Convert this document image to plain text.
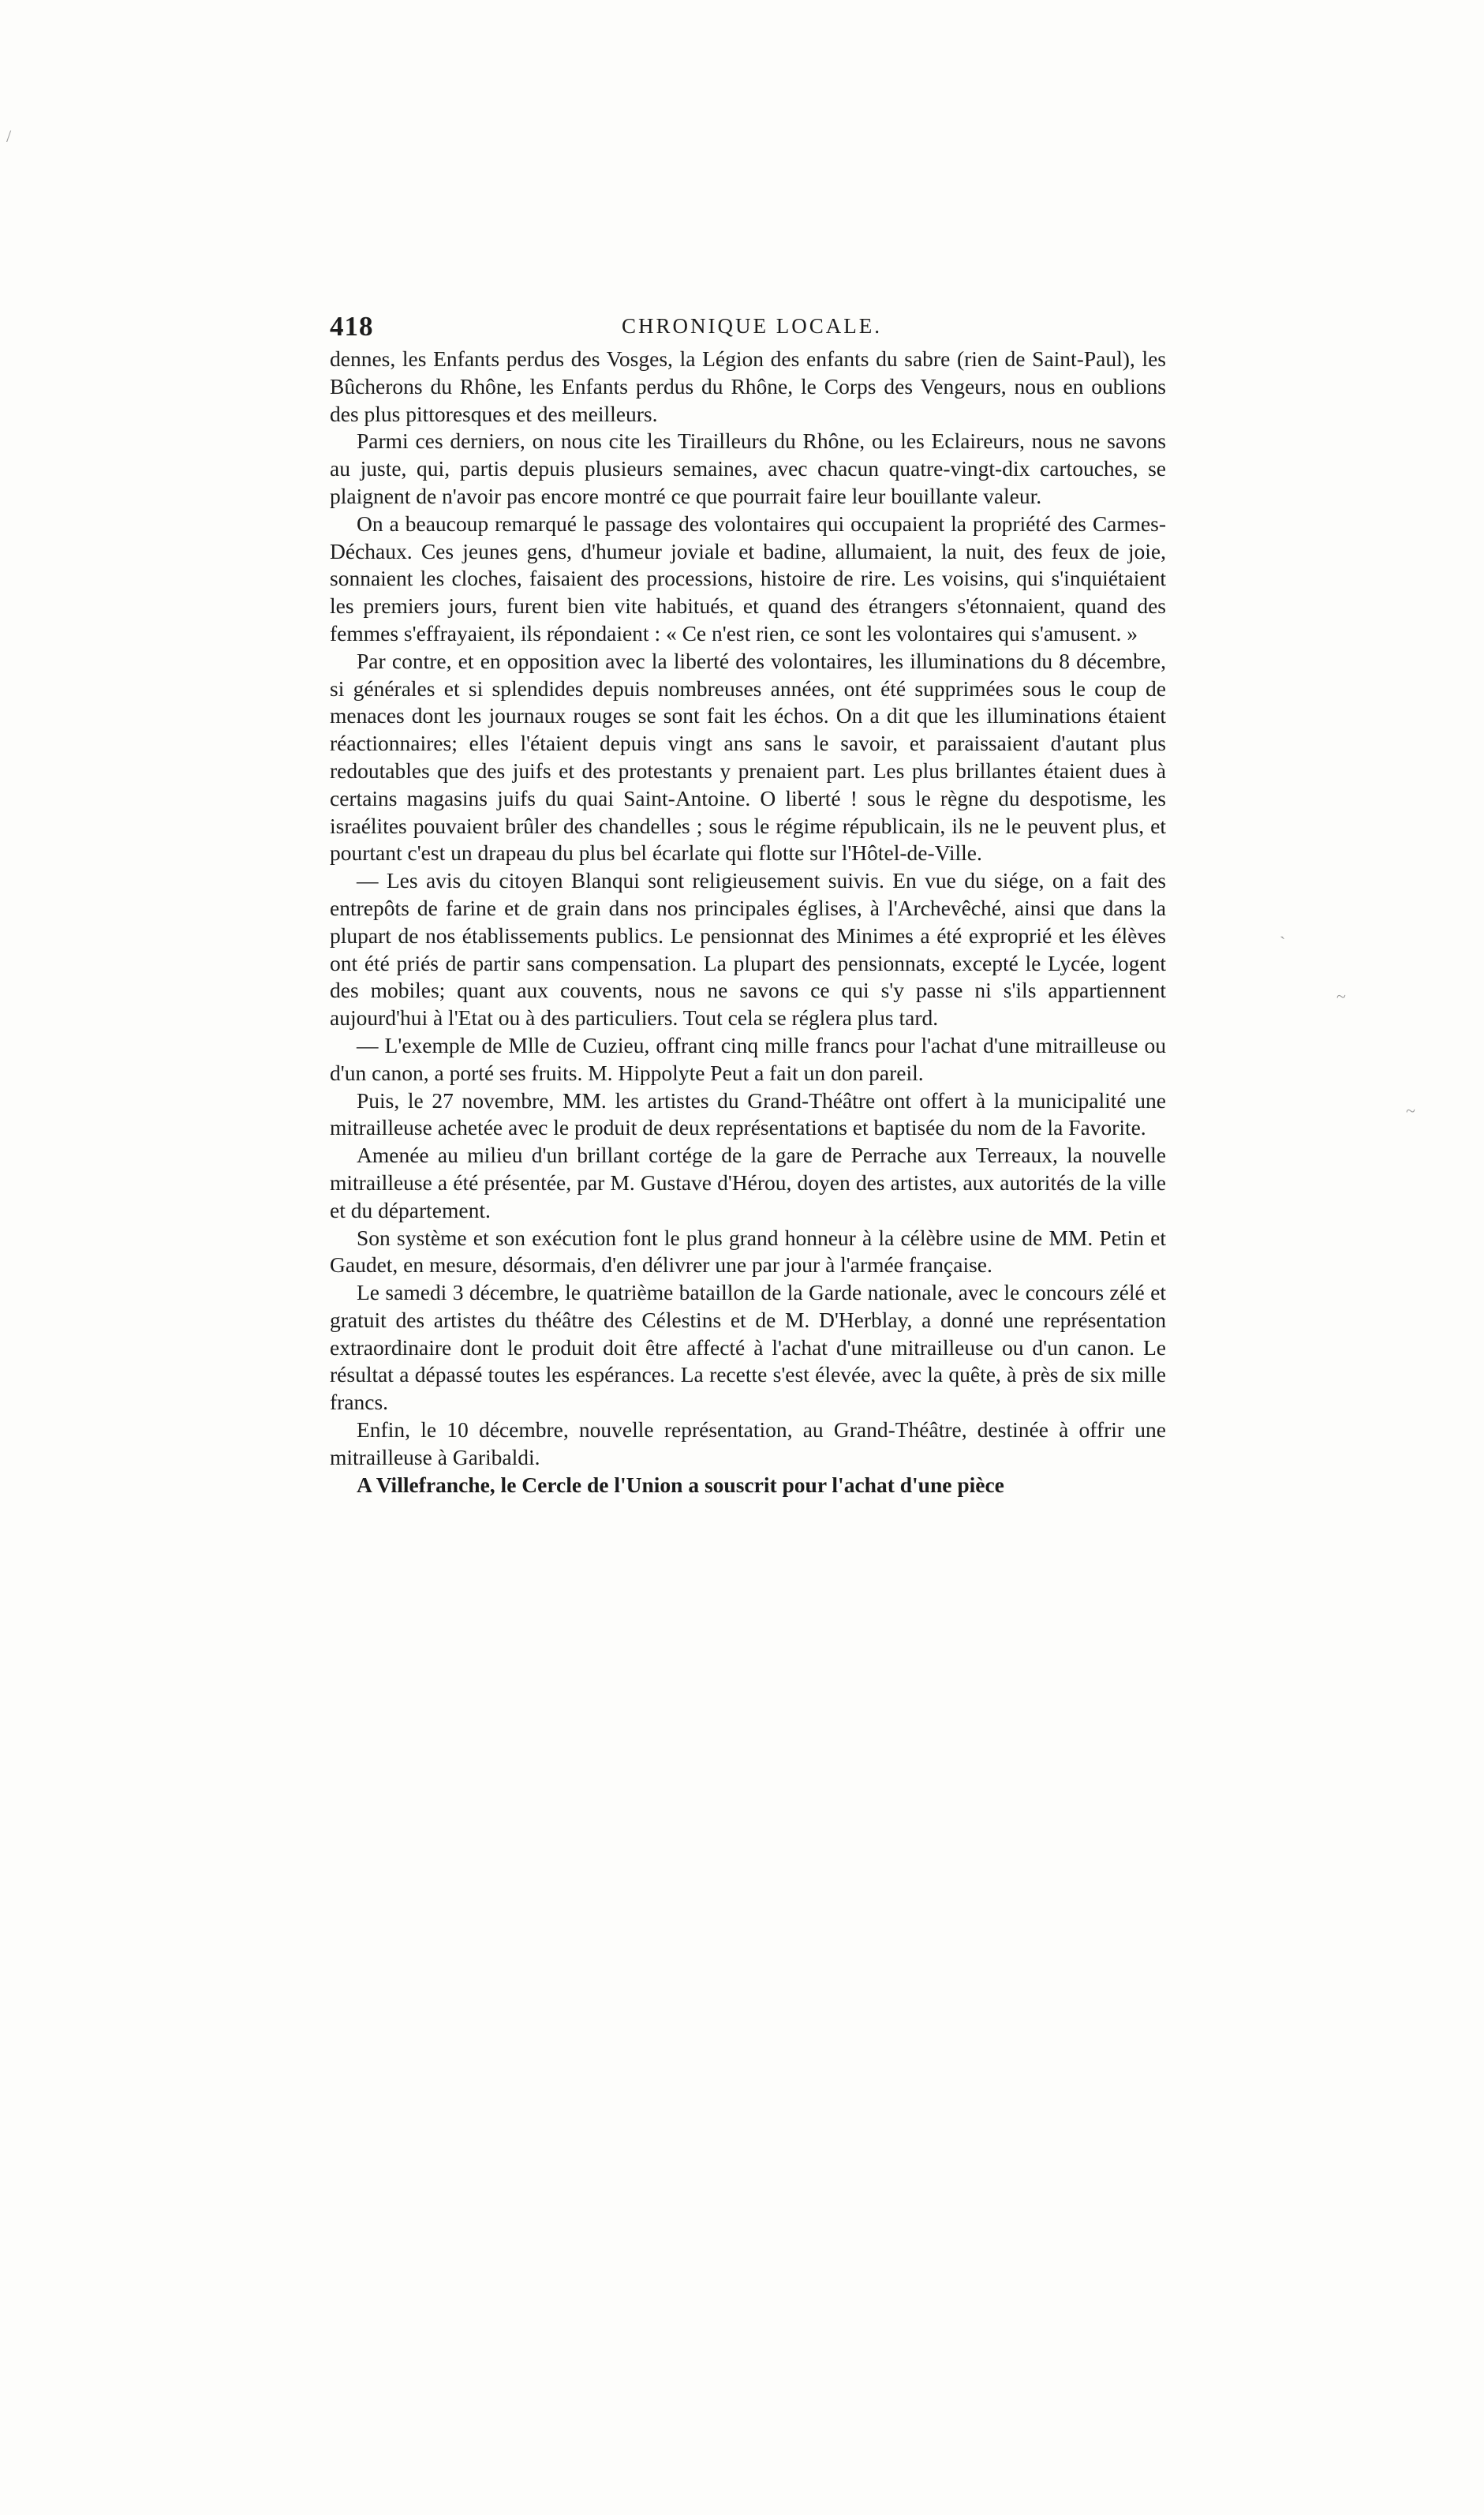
/
ˎ
~
~
418	CHRONIQUE LOCALE.

dennes, les Enfants perdus des Vosges, la Légion des enfants du sabre (rien de Saint-Paul), les Bûcherons du Rhône, les Enfants perdus du Rhône, le Corps des Vengeurs, nous en oublions des plus pittoresques et des meilleurs.

Parmi ces derniers, on nous cite les Tirailleurs du Rhône, ou les Eclaireurs, nous ne savons au juste, qui, partis depuis plusieurs semaines, avec chacun quatre-vingt-dix cartouches, se plaignent de n'avoir pas encore montré ce que pourrait faire leur bouillante valeur.

On a beaucoup remarqué le passage des volontaires qui occupaient la propriété des Carmes-Déchaux. Ces jeunes gens, d'humeur joviale et badine, allumaient, la nuit, des feux de joie, sonnaient les cloches, faisaient des processions, histoire de rire. Les voisins, qui s'inquiétaient les premiers jours, furent bien vite habitués, et quand des étrangers s'étonnaient, quand des femmes s'effrayaient, ils répondaient : « Ce n'est rien, ce sont les volontaires qui s'amusent. »

Par contre, et en opposition avec la liberté des volontaires, les illuminations du 8 décembre, si générales et si splendides depuis nombreuses années, ont été supprimées sous le coup de menaces dont les journaux rouges se sont fait les échos. On a dit que les illuminations étaient réactionnaires; elles l'étaient depuis vingt ans sans le savoir, et paraissaient d'autant plus redoutables que des juifs et des protestants y prenaient part. Les plus brillantes étaient dues à certains magasins juifs du quai Saint-Antoine. O liberté ! sous le règne du despotisme, les israélites pouvaient brûler des chandelles ; sous le régime républicain, ils ne le peuvent plus, et pourtant c'est un drapeau du plus bel écarlate qui flotte sur l'Hôtel-de-Ville.

— Les avis du citoyen Blanqui sont religieusement suivis. En vue du siége, on a fait des entrepôts de farine et de grain dans nos principales églises, à l'Archevêché, ainsi que dans la plupart de nos établissements publics. Le pensionnat des Minimes a été exproprié et les élèves ont été priés de partir sans compensation. La plupart des pensionnats, excepté le Lycée, logent des mobiles; quant aux couvents, nous ne savons ce qui s'y passe ni s'ils appartiennent aujourd'hui à l'Etat ou à des particuliers. Tout cela se réglera plus tard.

— L'exemple de Mlle de Cuzieu, offrant cinq mille francs pour l'achat d'une mitrailleuse ou d'un canon, a porté ses fruits. M. Hippolyte Peut a fait un don pareil.

Puis, le 27 novembre, MM. les artistes du Grand-Théâtre ont offert à la municipalité une mitrailleuse achetée avec le produit de deux représentations et baptisée du nom de la Favorite.

Amenée au milieu d'un brillant cortége de la gare de Perrache aux Terreaux, la nouvelle mitrailleuse a été présentée, par M. Gustave d'Hérou, doyen des artistes, aux autorités de la ville et du département.

Son système et son exécution font le plus grand honneur à la célèbre usine de MM. Petin et Gaudet, en mesure, désormais, d'en délivrer une par jour à l'armée française.

Le samedi 3 décembre, le quatrième bataillon de la Garde nationale, avec le concours zélé et gratuit des artistes du théâtre des Célestins et de M. D'Herblay, a donné une représentation extraordinaire dont le produit doit être affecté à l'achat d'une mitrailleuse ou d'un canon. Le résultat a dépassé toutes les espérances. La recette s'est élevée, avec la quête, à près de six mille francs.

Enfin, le 10 décembre, nouvelle représentation, au Grand-Théâtre, destinée à offrir une mitrailleuse à Garibaldi.

A Villefranche, le Cercle de l'Union a souscrit pour l'achat d'une pièce
